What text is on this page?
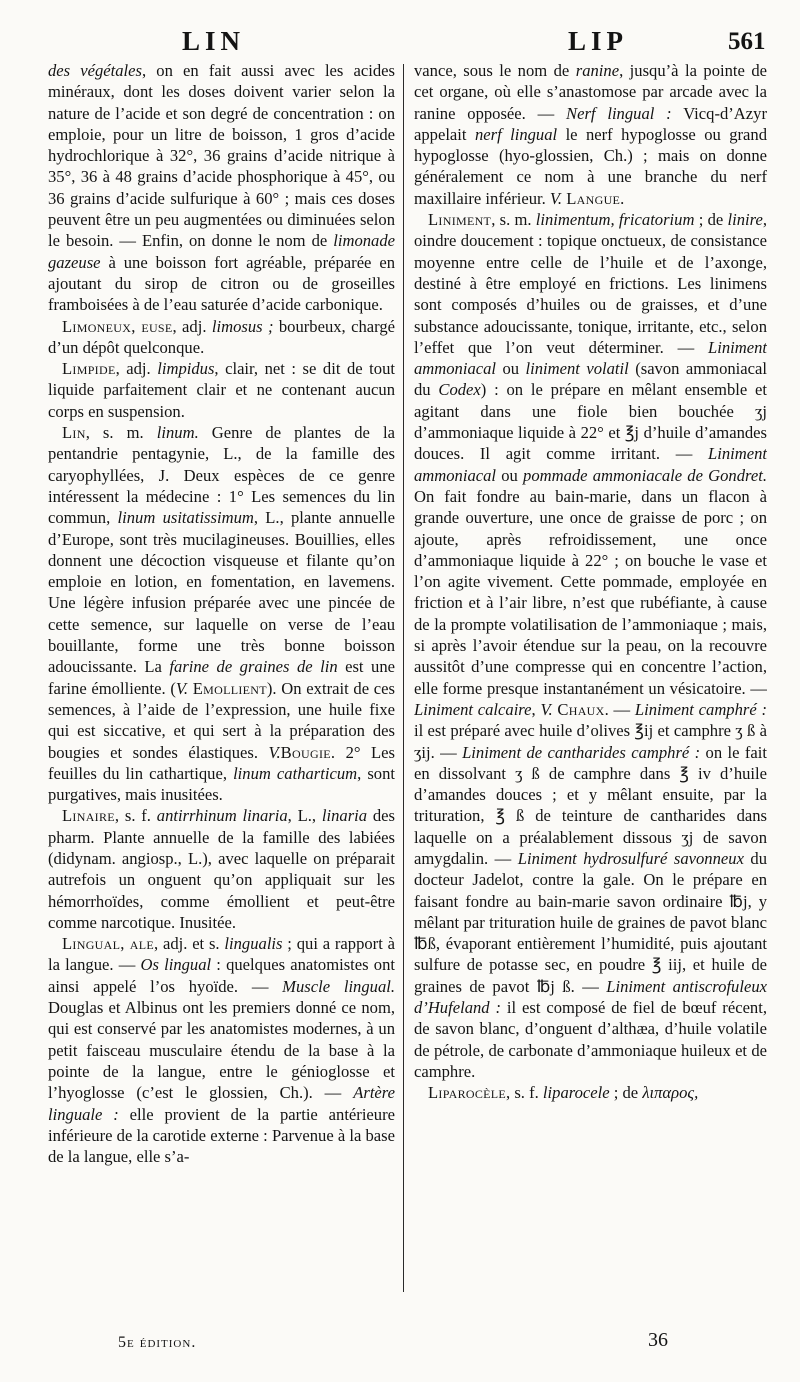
LIN	LIP	561

des végétales, on en fait aussi avec les acides minéraux, dont les doses doivent varier selon la nature de l’acide et son degré de concentration : on emploie, pour un litre de boisson, 1 gros d’acide hydrochlorique à 32°, 36 grains d’acide nitrique à 35°, 36 à 48 grains d’acide phosphorique à 45°, ou 36 grains d’acide sulfurique à 60° ; mais ces doses peuvent être un peu augmentées ou diminuées selon le besoin. — Enfin, on donne le nom de limonade gazeuse à une boisson fort agréable, préparée en ajoutant du sirop de citron ou de groseilles framboisées à de l’eau saturée d’acide carbonique.

Limoneux, euse, adj. limosus ; bourbeux, chargé d’un dépôt quelconque.

Limpide, adj. limpidus, clair, net : se dit de tout liquide parfaitement clair et ne contenant aucun corps en suspension.

Lin, s. m. linum. Genre de plantes de la pentandrie pentagynie, L., de la famille des caryophyllées, J. Deux espèces de ce genre intéressent la médecine : 1° Les semences du lin commun, linum usitatissimum, L., plante annuelle d’Europe, sont très mucilagineuses. Bouillies, elles donnent une décoction visqueuse et filante qu’on emploie en lotion, en fomentation, en lavemens. Une légère infusion préparée avec une pincée de cette semence, sur laquelle on verse de l’eau bouillante, forme une très bonne boisson adoucissante. La farine de graines de lin est une farine émolliente. (V. Emollient). On extrait de ces semences, à l’aide de l’expression, une huile fixe qui est siccative, et qui sert à la préparation des bougies et sondes élastiques. V.Bougie. 2° Les feuilles du lin cathartique, linum catharticum, sont purgatives, mais inusitées.

Linaire, s. f. antirrhinum linaria, L., linaria des pharm. Plante annuelle de la famille des labiées (didynam. angiosp., L.), avec laquelle on préparait autrefois un onguent qu’on appliquait sur les hémorrhoïdes, comme émollient et peut-être comme narcotique. Inusitée.

Lingual, ale, adj. et s. lingualis ; qui a rapport à la langue. — Os lingual : quelques anatomistes ont ainsi appelé l’os hyoïde. — Muscle lingual. Douglas et Albinus ont les premiers donné ce nom, qui est conservé par les anatomistes modernes, à un petit faisceau musculaire étendu de la base à la pointe de la langue, entre le génioglosse et l’hyoglosse (c’est le glossien, Ch.). — Artère linguale : elle provient de la partie antérieure inférieure de la carotide externe : Parvenue à la base de la langue, elle s’a-

vance, sous le nom de ranine, jusqu’à la pointe de cet organe, où elle s’anastomose par arcade avec la ranine opposée. — Nerf lingual : Vicq-d’Azyr appelait nerf lingual le nerf hypoglosse ou grand hypoglosse (hyo-glossien, Ch.) ; mais on donne généralement ce nom à une branche du nerf maxillaire inférieur. V. Langue.

Liniment, s. m. linimentum, fricatorium ; de linire, oindre doucement : topique onctueux, de consistance moyenne entre celle de l’huile et de l’axonge, destiné à être employé en frictions. Les linimens sont composés d’huiles ou de graisses, et d’une substance adoucissante, tonique, irritante, etc., selon l’effet que l’on veut déterminer. — Liniment ammoniacal ou liniment volatil (savon ammoniacal du Codex) : on le prépare en mêlant ensemble et agitant dans une fiole bien bouchée ʒj d’ammoniaque liquide à 22° et ℥j d’huile d’amandes douces. Il agit comme irritant. — Liniment ammoniacal ou pommade ammoniacale de Gondret. On fait fondre au bain-marie, dans un flacon à grande ouverture, une once de graisse de porc ; on ajoute, après refroidissement, une once d’ammoniaque liquide à 22° ; on bouche le vase et l’on agite vivement. Cette pommade, employée en friction et à l’air libre, n’est que rubéfiante, à cause de la prompte volatilisation de l’ammoniaque ; mais, si après l’avoir étendue sur la peau, on la recouvre aussitôt d’une compresse qui en concentre l’action, elle forme presque instantanément un vésicatoire. — Liniment calcaire, V. Chaux. — Liniment camphré : il est préparé avec huile d’olives ℥ij et camphre ʒ ß à ʒij. — Liniment de cantharides camphré : on le fait en dissolvant ʒ ß de camphre dans ℥ iv d’huile d’amandes douces ; et y mêlant ensuite, par la trituration, ℥ ß de teinture de cantharides dans laquelle on a préalablement dissous ʒj de savon amygdalin. — Liniment hydrosulfuré savonneux du docteur Jadelot, contre la gale. On le prépare en faisant fondre au bain-marie savon ordinaire ℔j, y mêlant par trituration huile de graines de pavot blanc ℔ß, évaporant entièrement l’humidité, puis ajoutant sulfure de potasse sec, en poudre ℥ iij, et huile de graines de pavot ℔j ß. — Liniment antiscrofuleux d’Hufeland : il est composé de fiel de bœuf récent, de savon blanc, d’onguent d’althæa, d’huile volatile de pétrole, de carbonate d’ammoniaque huileux et de camphre.

Liparocèle, s. f. liparocele ; de λιπαρος,

5e édition.	36
